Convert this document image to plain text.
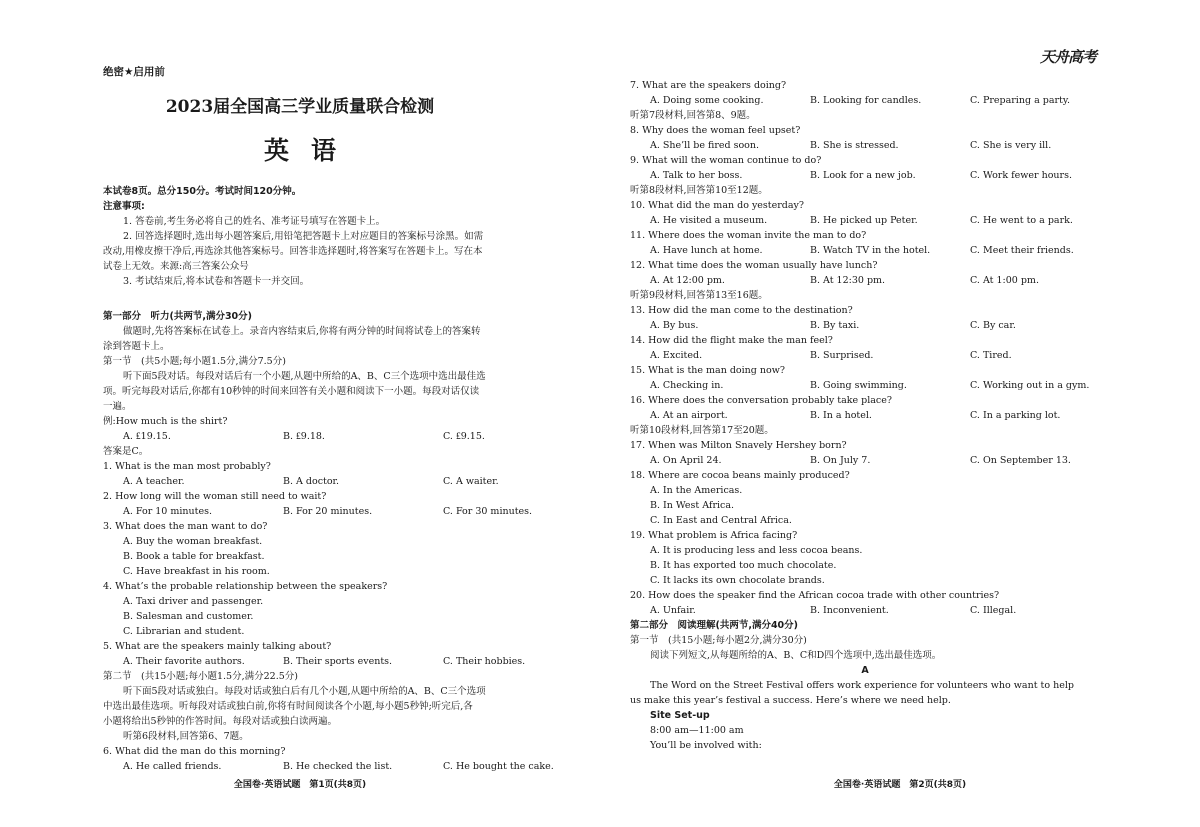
绝密★启用前
2023届全国高三学业质量联合检测
英语
本试卷8页。总分150分。考试时间120分钟。
注意事项:
1. 答卷前,考生务必将自己的姓名、准考证号填写在答题卡上。
2. 回答选择题时,选出每小题答案后,用铅笔把答题卡上对应题目的答案标号涂黑。如需
改动,用橡皮擦干净后,再选涂其他答案标号。回答非选择题时,将答案写在答题卡上。写在本
试卷上无效。来源:高三答案公众号
3. 考试结束后,将本试卷和答题卡一并交回。
第一部分　听力(共两节,满分30分)
做题时,先将答案标在试卷上。录音内容结束后,你将有两分钟的时间将试卷上的答案转
涂到答题卡上。
第一节　(共5小题;每小题1.5分,满分7.5分)
听下面5段对话。每段对话后有一个小题,从题中所给的A、B、C三个选项中选出最佳选
项。听完每段对话后,你都有10秒钟的时间来回答有关小题和阅读下一小题。每段对话仅读
一遍。
例:How much is the shirt?
A. ₤19.15.	B. ₤9.18.	C. ₤9.15.
答案是C。
1. What is the man most probably?
A. A teacher.	B. A doctor.	C. A waiter.
2. How long will the woman still need to wait?
A. For 10 minutes.	B. For 20 minutes.	C. For 30 minutes.
3. What does the man want to do?
A. Buy the woman breakfast.
B. Book a table for breakfast.
C. Have breakfast in his room.
4. What’s the probable relationship between the speakers?
A. Taxi driver and passenger.
B. Salesman and customer.
C. Librarian and student.
5. What are the speakers mainly talking about?
A. Their favorite authors.	B. Their sports events.	C. Their hobbies.
第二节　(共15小题;每小题1.5分,满分22.5分)
听下面5段对话或独白。每段对话或独白后有几个小题,从题中所给的A、B、C三个选项
中选出最佳选项。听每段对话或独白前,你将有时间阅读各个小题,每小题5秒钟;听完后,各
小题将给出5秒钟的作答时间。每段对话或独白读两遍。
听第6段材料,回答第6、7题。
6. What did the man do this morning?
A. He called friends.	B. He checked the list.	C. He bought the cake.
全国卷·英语试题　第1页(共8页)
天舟高考
7. What are the speakers doing?
A. Doing some cooking.	B. Looking for candles.	C. Preparing a party.
听第7段材料,回答第8、9题。
8. Why does the woman feel upset?
A. She’ll be fired soon.	B. She is stressed.	C. She is very ill.
9. What will the woman continue to do?
A. Talk to her boss.	B. Look for a new job.	C. Work fewer hours.
听第8段材料,回答第10至12题。
10. What did the man do yesterday?
A. He visited a museum.	B. He picked up Peter.	C. He went to a park.
11. Where does the woman invite the man to do?
A. Have lunch at home.	B. Watch TV in the hotel.	C. Meet their friends.
12. What time does the woman usually have lunch?
A. At 12:00 pm.	B. At 12:30 pm.	C. At 1:00 pm.
听第9段材料,回答第13至16题。
13. How did the man come to the destination?
A. By bus.	B. By taxi.	C. By car.
14. How did the flight make the man feel?
A. Excited.	B. Surprised.	C. Tired.
15. What is the man doing now?
A. Checking in.	B. Going swimming.	C. Working out in a gym.
16. Where does the conversation probably take place?
A. At an airport.	B. In a hotel.	C. In a parking lot.
听第10段材料,回答第17至20题。
17. When was Milton Snavely Hershey born?
A. On April 24.	B. On July 7.	C. On September 13.
18. Where are cocoa beans mainly produced?
A. In the Americas.
B. In West Africa.
C. In East and Central Africa.
19. What problem is Africa facing?
A. It is producing less and less cocoa beans.
B. It has exported too much chocolate.
C. It lacks its own chocolate brands.
20. How does the speaker find the African cocoa trade with other countries?
A. Unfair.	B. Inconvenient.	C. Illegal.
第二部分　阅读理解(共两节,满分40分)
第一节　(共15小题;每小题2分,满分30分)
阅读下列短文,从每题所给的A、B、C和D四个选项中,选出最佳选项。
A
The Word on the Street Festival offers work experience for volunteers who want to help
us make this year’s festival a success. Here’s where we need help.
Site Set-up
8:00 am—11:00 am
You’ll be involved with:
全国卷·英语试题　第2页(共8页)
